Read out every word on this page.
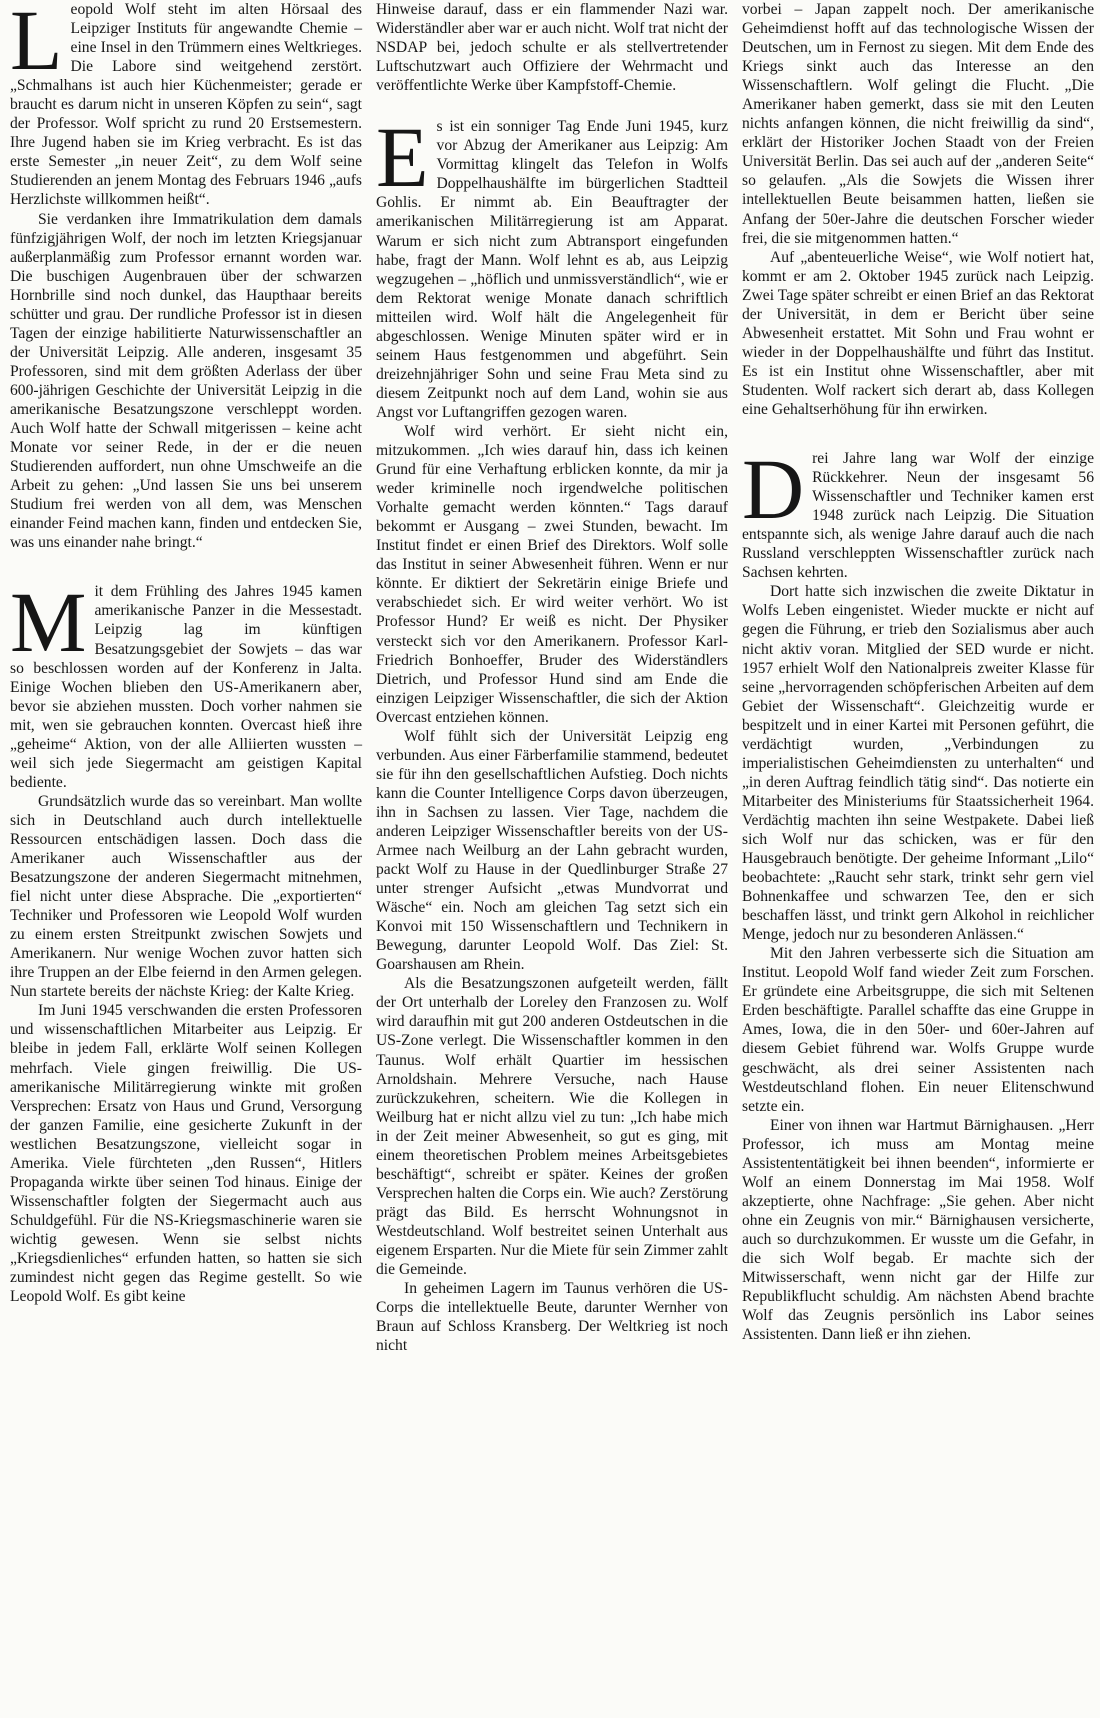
Leopold Wolf steht im alten Hörsaal des Leipziger Instituts für angewandte Chemie – eine Insel in den Trümmern eines Weltkrieges. Die Labore sind weitgehend zerstört. „Schmalhans ist auch hier Küchenmeister; gerade er braucht es darum nicht in unseren Köpfen zu sein“, sagt der Professor. Wolf spricht zu rund 20 Erstsemestern. Ihre Jugend haben sie im Krieg verbracht. Es ist das erste Semester „in neuer Zeit“, zu dem Wolf seine Studierenden an jenem Montag des Februars 1946 „aufs Herzlichste willkommen heißt“.

Sie verdanken ihre Immatrikulation dem damals fünfzigjährigen Wolf, der noch im letzten Kriegsjanuar außerplanmäßig zum Professor ernannt worden war. Die buschigen Augenbrauen über der schwarzen Hornbrille sind noch dunkel, das Haupthaar bereits schütter und grau. Der rundliche Professor ist in diesen Tagen der einzige habilitierte Naturwissenschaftler an der Universität Leipzig. Alle anderen, insgesamt 35 Professoren, sind mit dem größten Aderlass der über 600-jährigen Geschichte der Universität Leipzig in die amerikanische Besatzungszone verschleppt worden. Auch Wolf hatte der Schwall mitgerissen – keine acht Monate vor seiner Rede, in der er die neuen Studierenden auffordert, nun ohne Umschweife an die Arbeit zu gehen: „Und lassen Sie uns bei unserem Studium frei werden von all dem, was Menschen einander Feind machen kann, finden und entdecken Sie, was uns einander nahe bringt.“

Mit dem Frühling des Jahres 1945 kamen amerikanische Panzer in die Messestadt. Leipzig lag im künftigen Besatzungsgebiet der Sowjets – das war so beschlossen worden auf der Konferenz in Jalta. Einige Wochen blieben den US-Amerikanern aber, bevor sie abziehen mussten. Doch vorher nahmen sie mit, wen sie gebrauchen konnten. Overcast hieß ihre „geheime“ Aktion, von der alle Alliierten wussten – weil sich jede Siegermacht am geistigen Kapital bediente.

Grundsätzlich wurde das so vereinbart. Man wollte sich in Deutschland auch durch intellektuelle Ressourcen entschädigen lassen. Doch dass die Amerikaner auch Wissenschaftler aus der Besatzungszone der anderen Siegermacht mitnehmen, fiel nicht unter diese Absprache. Die „exportierten“ Techniker und Professoren wie Leopold Wolf wurden zu einem ersten Streitpunkt zwischen Sowjets und Amerikanern. Nur wenige Wochen zuvor hatten sich ihre Truppen an der Elbe feiernd in den Armen gelegen. Nun startete bereits der nächste Krieg: der Kalte Krieg.

Im Juni 1945 verschwanden die ersten Professoren und wissenschaftlichen Mitarbeiter aus Leipzig. Er bleibe in jedem Fall, erklärte Wolf seinen Kollegen mehrfach. Viele gingen freiwillig. Die US-amerikanische Militärregierung winkte mit großen Versprechen: Ersatz von Haus und Grund, Versorgung der ganzen Familie, eine gesicherte Zukunft in der westlichen Besatzungszone, vielleicht sogar in Amerika. Viele fürchteten „den Russen“, Hitlers Propaganda wirkte über seinen Tod hinaus. Einige der Wissenschaftler folgten der Siegermacht auch aus Schuldgefühl. Für die NS-Kriegsmaschinerie waren sie wichtig gewesen. Wenn sie selbst nichts „Kriegsdienliches“ erfunden hatten, so hatten sie sich zumindest nicht gegen das Regime gestellt. So wie Leopold Wolf. Es gibt keine

Hinweise darauf, dass er ein flammender Nazi war. Widerständler aber war er auch nicht. Wolf trat nicht der NSDAP bei, jedoch schulte er als stellvertretender Luftschutzwart auch Offiziere der Wehrmacht und veröffentlichte Werke über Kampfstoff-Chemie.

Es ist ein sonniger Tag Ende Juni 1945, kurz vor Abzug der Amerikaner aus Leipzig: Am Vormittag klingelt das Telefon in Wolfs Doppelhaushälfte im bürgerlichen Stadtteil Gohlis. Er nimmt ab. Ein Beauftragter der amerikanischen Militärregierung ist am Apparat. Warum er sich nicht zum Abtransport eingefunden habe, fragt der Mann. Wolf lehnt es ab, aus Leipzig wegzugehen – „höflich und unmissverständlich“, wie er dem Rektorat wenige Monate danach schriftlich mitteilen wird. Wolf hält die Angelegenheit für abgeschlossen. Wenige Minuten später wird er in seinem Haus festgenommen und abgeführt. Sein dreizehnjähriger Sohn und seine Frau Meta sind zu diesem Zeitpunkt noch auf dem Land, wohin sie aus Angst vor Luftangriffen gezogen waren.

Wolf wird verhört. Er sieht nicht ein, mitzukommen. „Ich wies darauf hin, dass ich keinen Grund für eine Verhaftung erblicken konnte, da mir ja weder kriminelle noch irgendwelche politischen Vorhalte gemacht werden könnten.“ Tags darauf bekommt er Ausgang – zwei Stunden, bewacht. Im Institut findet er einen Brief des Direktors. Wolf solle das Institut in seiner Abwesenheit führen. Wenn er nur könnte. Er diktiert der Sekretärin einige Briefe und verabschiedet sich. Er wird weiter verhört. Wo ist Professor Hund? Er weiß es nicht. Der Physiker versteckt sich vor den Amerikanern. Professor Karl-Friedrich Bonhoeffer, Bruder des Widerständlers Dietrich, und Professor Hund sind am Ende die einzigen Leipziger Wissenschaftler, die sich der Aktion Overcast entziehen können.

Wolf fühlt sich der Universität Leipzig eng verbunden. Aus einer Färberfamilie stammend, bedeutet sie für ihn den gesellschaftlichen Aufstieg. Doch nichts kann die Counter Intelligence Corps davon überzeugen, ihn in Sachsen zu lassen. Vier Tage, nachdem die anderen Leipziger Wissenschaftler bereits von der US-Armee nach Weilburg an der Lahn gebracht wurden, packt Wolf zu Hause in der Quedlinburger Straße 27 unter strenger Aufsicht „etwas Mundvorrat und Wäsche“ ein. Noch am gleichen Tag setzt sich ein Konvoi mit 150 Wissenschaftlern und Technikern in Bewegung, darunter Leopold Wolf. Das Ziel: St. Goarshausen am Rhein.

Als die Besatzungszonen aufgeteilt werden, fällt der Ort unterhalb der Loreley den Franzosen zu. Wolf wird daraufhin mit gut 200 anderen Ostdeutschen in die US-Zone verlegt. Die Wissenschaftler kommen in den Taunus. Wolf erhält Quartier im hessischen Arnoldshain. Mehrere Versuche, nach Hause zurückzukehren, scheitern. Wie die Kollegen in Weilburg hat er nicht allzu viel zu tun: „Ich habe mich in der Zeit meiner Abwesenheit, so gut es ging, mit einem theoretischen Problem meines Arbeitsgebietes beschäftigt“, schreibt er später. Keines der großen Versprechen halten die Corps ein. Wie auch? Zerstörung prägt das Bild. Es herrscht Wohnungsnot in Westdeutschland. Wolf bestreitet seinen Unterhalt aus eigenem Ersparten. Nur die Miete für sein Zimmer zahlt die Gemeinde.

In geheimen Lagern im Taunus verhören die US-Corps die intellektuelle Beute, darunter Wernher von Braun auf Schloss Kransberg. Der Weltkrieg ist noch nicht

vorbei – Japan zappelt noch. Der amerikanische Geheimdienst hofft auf das technologische Wissen der Deutschen, um in Fernost zu siegen. Mit dem Ende des Kriegs sinkt auch das Interesse an den Wissenschaftlern. Wolf gelingt die Flucht. „Die Amerikaner haben gemerkt, dass sie mit den Leuten nichts anfangen können, die nicht freiwillig da sind“, erklärt der Historiker Jochen Staadt von der Freien Universität Berlin. Das sei auch auf der „anderen Seite“ so gelaufen. „Als die Sowjets die Wissen ihrer intellektuellen Beute beisammen hatten, ließen sie Anfang der 50er-Jahre die deutschen Forscher wieder frei, die sie mitgenommen hatten.“

Auf „abenteuerliche Weise“, wie Wolf notiert hat, kommt er am 2. Oktober 1945 zurück nach Leipzig. Zwei Tage später schreibt er einen Brief an das Rektorat der Universität, in dem er Bericht über seine Abwesenheit erstattet. Mit Sohn und Frau wohnt er wieder in der Doppelhaushälfte und führt das Institut. Es ist ein Institut ohne Wissenschaftler, aber mit Studenten. Wolf rackert sich derart ab, dass Kollegen eine Gehaltserhöhung für ihn erwirken.

Drei Jahre lang war Wolf der einzige Rückkehrer. Neun der insgesamt 56 Wissenschaftler und Techniker kamen erst 1948 zurück nach Leipzig. Die Situation entspannte sich, als wenige Jahre darauf auch die nach Russland verschleppten Wissenschaftler zurück nach Sachsen kehrten.

Dort hatte sich inzwischen die zweite Diktatur in Wolfs Leben eingenistet. Wieder muckte er nicht auf gegen die Führung, er trieb den Sozialismus aber auch nicht aktiv voran. Mitglied der SED wurde er nicht. 1957 erhielt Wolf den Nationalpreis zweiter Klasse für seine „hervorragenden schöpferischen Arbeiten auf dem Gebiet der Wissenschaft“. Gleichzeitig wurde er bespitzelt und in einer Kartei mit Personen geführt, die verdächtigt wurden, „Verbindungen zu imperialistischen Geheimdiensten zu unterhalten“ und „in deren Auftrag feindlich tätig sind“. Das notierte ein Mitarbeiter des Ministeriums für Staatssicherheit 1964. Verdächtig machten ihn seine Westpakete. Dabei ließ sich Wolf nur das schicken, was er für den Hausgebrauch benötigte. Der geheime Informant „Lilo“ beobachtete: „Raucht sehr stark, trinkt sehr gern viel Bohnenkaffee und schwarzen Tee, den er sich beschaffen lässt, und trinkt gern Alkohol in reichlicher Menge, jedoch nur zu besonderen Anlässen.“

Mit den Jahren verbesserte sich die Situation am Institut. Leopold Wolf fand wieder Zeit zum Forschen. Er gründete eine Arbeitsgruppe, die sich mit Seltenen Erden beschäftigte. Parallel schaffte das eine Gruppe in Ames, Iowa, die in den 50er- und 60er-Jahren auf diesem Gebiet führend war. Wolfs Gruppe wurde geschwächt, als drei seiner Assistenten nach Westdeutschland flohen. Ein neuer Elitenschwund setzte ein.

Einer von ihnen war Hartmut Bärnighausen. „Herr Professor, ich muss am Montag meine Assistententätigkeit bei ihnen beenden“, informierte er Wolf an einem Donnerstag im Mai 1958. Wolf akzeptierte, ohne Nachfrage: „Sie gehen. Aber nicht ohne ein Zeugnis von mir.“ Bärnighausen versicherte, auch so durchzukommen. Er wusste um die Gefahr, in die sich Wolf begab. Er machte sich der Mitwisserschaft, wenn nicht gar der Hilfe zur Republikflucht schuldig. Am nächsten Abend brachte Wolf das Zeugnis persönlich ins Labor seines Assistenten. Dann ließ er ihn ziehen.
